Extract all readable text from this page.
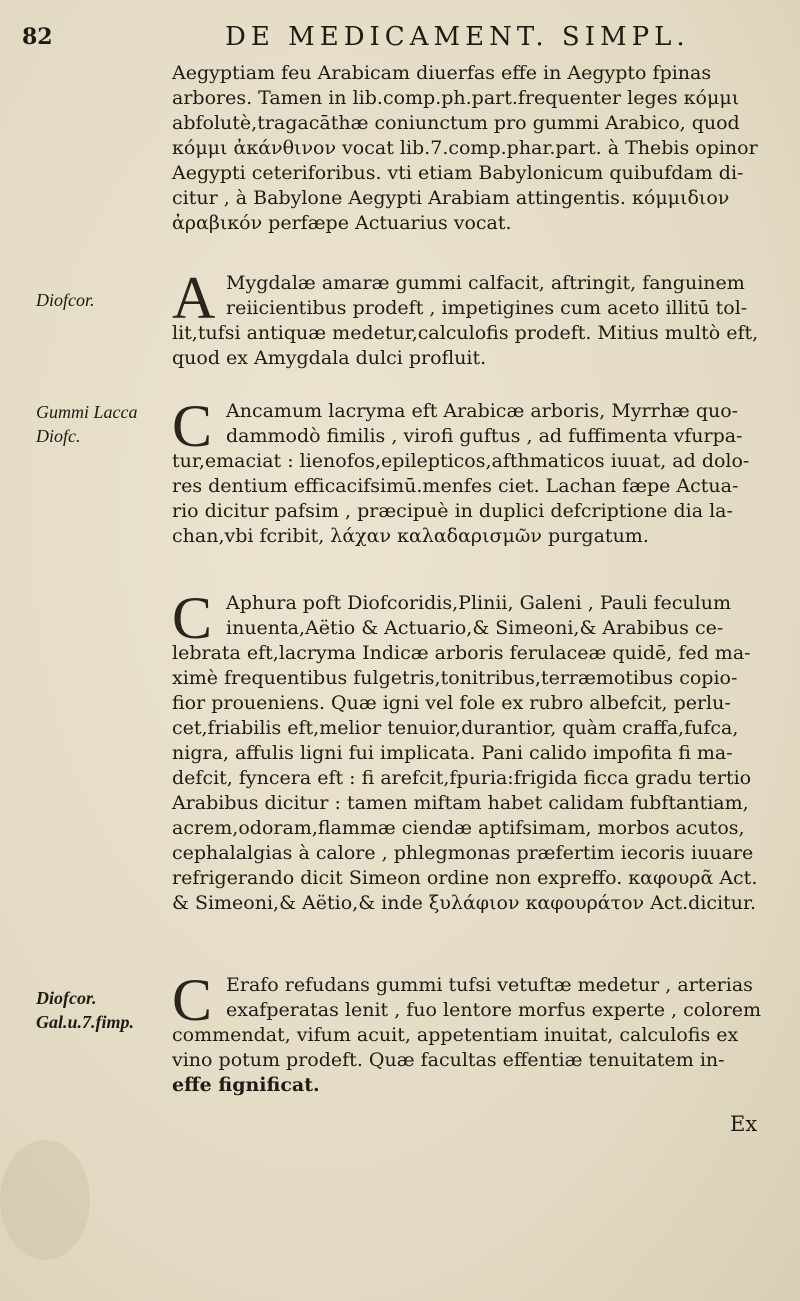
82	DE MEDICAMENT. SIMPL.
Diofcor.
Gummi Lacca
Diofc.
Diofcor.
Gal.u.7.fimp.
Aegyptiam feu Arabicam diuerfas effe in Aegypto fpinas
arbores. Tamen in lib.comp.ph.part.frequenter leges κόμμι
abfolutè,tragacāthæ coniunctum pro gummi Arabico, quod
κόμμι ἀκάνθινον vocat lib.7.comp.phar.part. à Thebis opinor
Aegypti ceteriforibus. vti etiam Babylonicum quibufdam di-
citur , à Babylone Aegypti Arabiam attingentis. κόμμιδιον
ἀραβικόν perfæpe Actuarius vocat.
A Mygdalæ amaræ gummi calfacit, aftringit, fanguinem
reiicientibus prodeft , impetigines cum aceto illitū tol-
lit,tufsi antiquæ medetur,calculofis prodeft. Mitius multò eft,
quod ex Amygdala dulci profluit.
C Ancamum lacryma eft Arabicæ arboris, Myrrhæ quo-
dammodò fimilis , virofi guftus , ad fuffimenta vfurpa-
tur,emaciat : lienofos,epilepticos,afthmaticos iuuat, ad dolo-
res dentium efficacifsimū.menfes ciet. Lachan fæpe Actua-
rio dicitur pafsim , præcipuè in duplici defcriptione dia la-
chan,vbi fcribit, λάχαν καλαδαρισμῶν purgatum.
C Aphura poft Diofcoridis,Plinii, Galeni , Pauli feculum
inuenta,Aëtio & Actuario,& Simeoni,& Arabibus ce-
lebrata eft,lacryma Indicæ arboris ferulaceæ quidē, fed ma-
ximè frequentibus fulgetris,tonitribus,terræmotibus copio-
fior proueniens. Quæ igni vel fole ex rubro albefcit, perlu-
cet,friabilis eft,melior tenuior,durantior, quàm craffa,fufca,
nigra, affulis ligni fui implicata. Pani calido impofita fi ma-
defcit, fyncera eft : fi arefcit,fpuria:frigida ficca gradu tertio
Arabibus dicitur : tamen miftam habet calidam fubftantiam,
acrem,odoram,flammæ ciendæ aptifsimam, morbos acutos,
cephalalgias à calore , phlegmonas præfertim iecoris iuuare
refrigerando dicit Simeon ordine non expreffo. καφουρᾶ Act.
& Simeoni,& Aëtio,& inde ξυλάφιον καφουράτον Act.dicitur.
C Erafo refudans gummi tufsi vetuftæ medetur , arterias
exafperatas lenit , fuo lentore morfus experte , colorem
commendat, vifum acuit, appetentiam inuitat, calculofis ex
vino potum prodeft. Quæ facultas effentiæ tenuitatem in-
effe fignificat.
Ex
